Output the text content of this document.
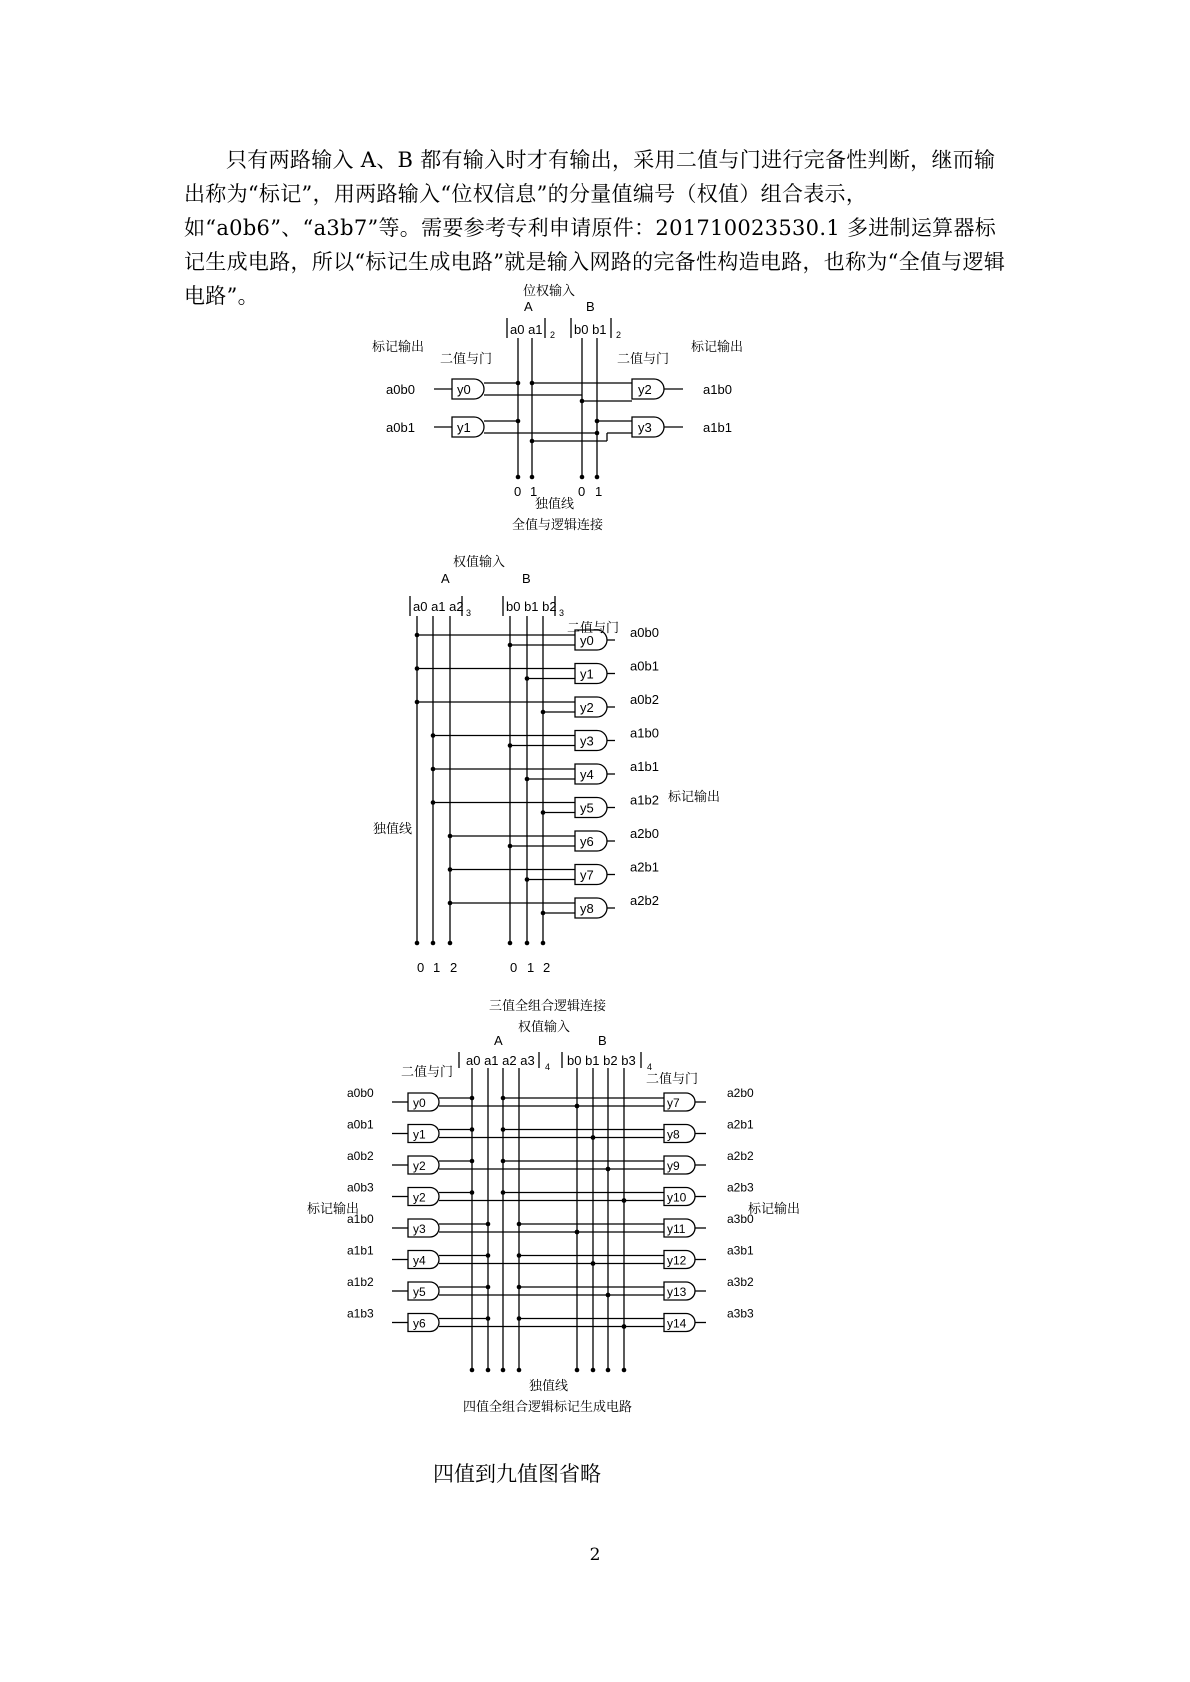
只有两路输入 A、B 都有输入时才有输出，采用二值与门进行完备性判断，继而输出称为“标记”，用两路输入“位权信息”的分量值编号（权值）组合表示，如“a0b6”、“a3b7”等。需要参考专利申请原件：201710023530.1 多进制运算器标记生成电路，所以“标记生成电路”就是输入网路的完备性构造电路，也称为“全值与逻辑电路”。	位权输入
A	B
a0 a1 2 b0 b1 2
标记输出	标记输出
二值与门	二值与门
y0
y1
a0b0
a0b1
y2
y3
a1b0
a1b1
0 1	0 1
独值线
全值与逻辑连接
权值输入
A	B
a0 a1 a2 3	b0 b1 b2 3
二值与门
y0
a0b0
y1
a0b1
y2
a0b2
y3
a1b0
y4
a1b1
y5
a1b2
y6
a2b0
y7
a2b1
y8
a2b2
独值线
标记输出
0 1 2	0 1 2
三值全组合逻辑连接
权值输入
A	B
a0 a1 a2 a3 4 b0 b1 b2 b3 4
二值与门	二值与门
y0
a0b0
y7
a2b0
y1
a0b1
y8
a2b1
y2
a0b2
y9
a2b2
y2
a0b3
y10
a2b3
y3
a1b0
y11
a3b0
y4
a1b1
y12
a3b1
y5
a1b2
y13
a3b2
y6
a1b3
y14
a3b3
标记输出	标记输出
独值线
四值全组合逻辑标记生成电路

四值到九值图省略

2
